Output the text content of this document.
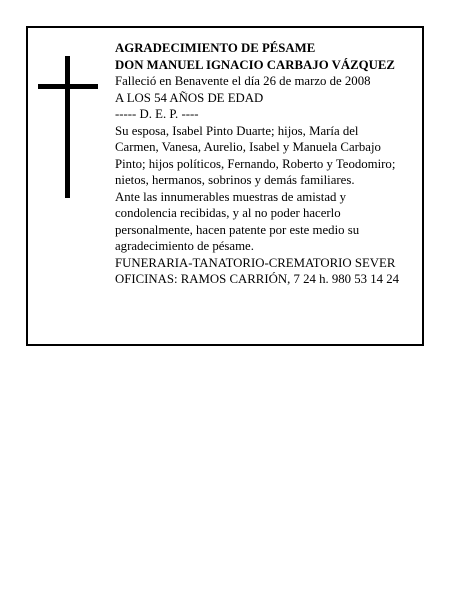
AGRADECIMIENTO DE PÉSAME
DON MANUEL IGNACIO CARBAJO VÁZQUEZ
Falleció en Benavente el día 26 de marzo de 2008
A LOS 54 AÑOS DE EDAD
----- D. E. P. ----
Su esposa, Isabel Pinto Duarte; hijos, María del
Carmen, Vanesa, Aurelio, Isabel y Manuela Carbajo
Pinto; hijos políticos, Fernando, Roberto y Teodomiro;
nietos, hermanos, sobrinos y demás familiares.
Ante las innumerables muestras de amistad y
condolencia recibidas, y al no poder hacerlo
personalmente, hacen patente por este medio su
agradecimiento de pésame.
FUNERARIA-TANATORIO-CREMATORIO SEVER
OFICINAS: RAMOS CARRIÓN, 7 24 h. 980 53 14 24
